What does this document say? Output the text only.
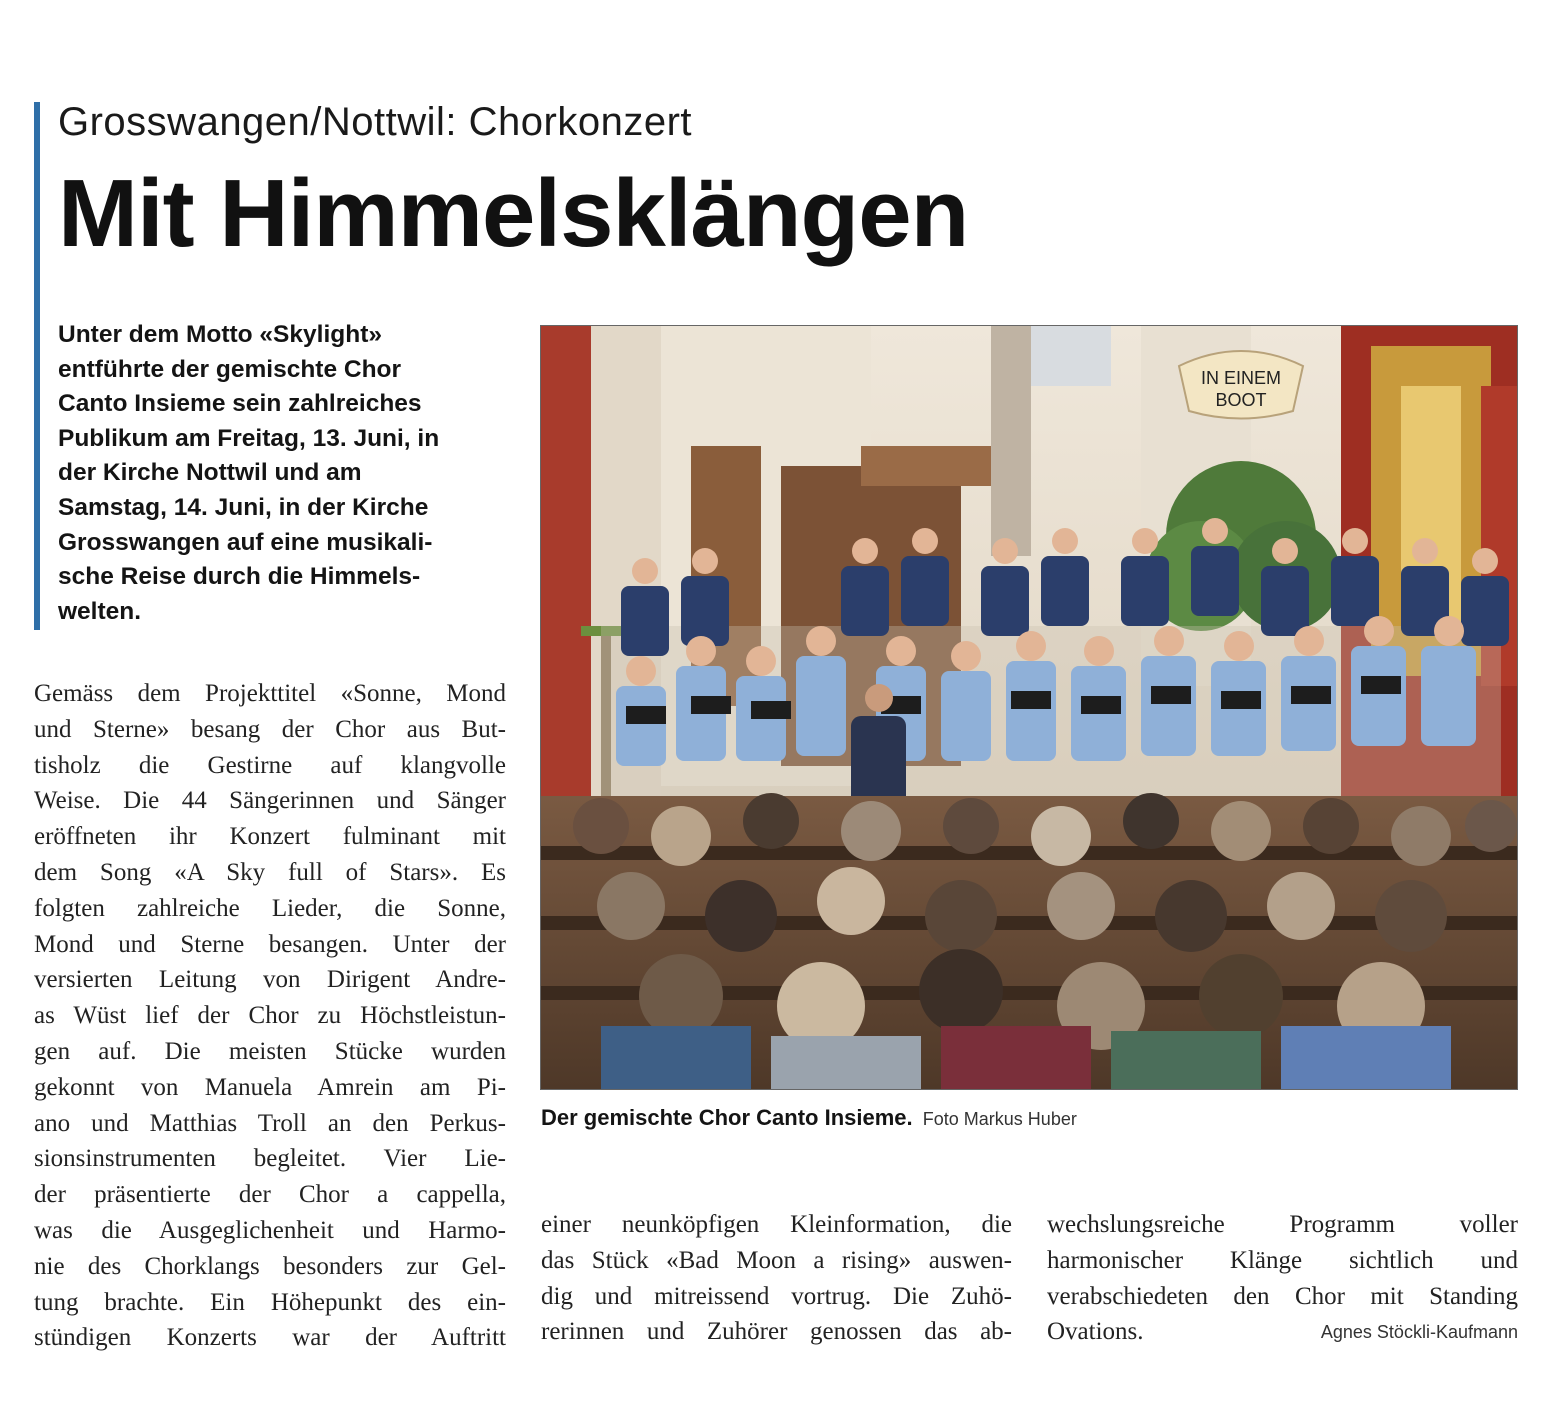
Grosswangen/Nottwil: Chorkonzert
Mit Himmelsklängen
Unter dem Motto «Skylight»
entführte der gemischte Chor
Canto Insieme sein zahlreiches
Publikum am Freitag, 13. Juni, in
der Kirche Nottwil und am
Samstag, 14. Juni, in der Kirche
Grosswangen auf eine musikali-
sche Reise durch die Himmels-
welten.
IN EINEM
BOOT

Der gemischte Chor Canto Insieme. Foto Markus Huber

Gemäss dem Projekttitel «Sonne, Mond
und Sterne» besang der Chor aus But-
tisholz die Gestirne auf klangvolle
Weise. Die 44 Sängerinnen und Sänger
eröffneten ihr Konzert fulminant mit
dem Song «A Sky full of Stars». Es
folgten zahlreiche Lieder, die Sonne,
Mond und Sterne besangen. Unter der
versierten Leitung von Dirigent Andre-
as Wüst lief der Chor zu Höchstleistun-
gen auf. Die meisten Stücke wurden
gekonnt von Manuela Amrein am Pi-
ano und Matthias Troll an den Perkus-
sionsinstrumenten begleitet. Vier Lie-
der präsentierte der Chor a cappella,
was die Ausgeglichenheit und Harmo-
nie des Chorklangs besonders zur Gel-
tung brachte. Ein Höhepunkt des ein-
stündigen Konzerts war der Auftritt
einer neunköpfigen Kleinformation, die
das Stück «Bad Moon a rising» auswen-
dig und mitreissend vortrug. Die Zuhö-
rerinnen und Zuhörer genossen das ab-
wechslungsreiche Programm voller
harmonischer Klänge sichtlich und
verabschiedeten den Chor mit Standing
Ovations.	Agnes Stöckli-Kaufmann
